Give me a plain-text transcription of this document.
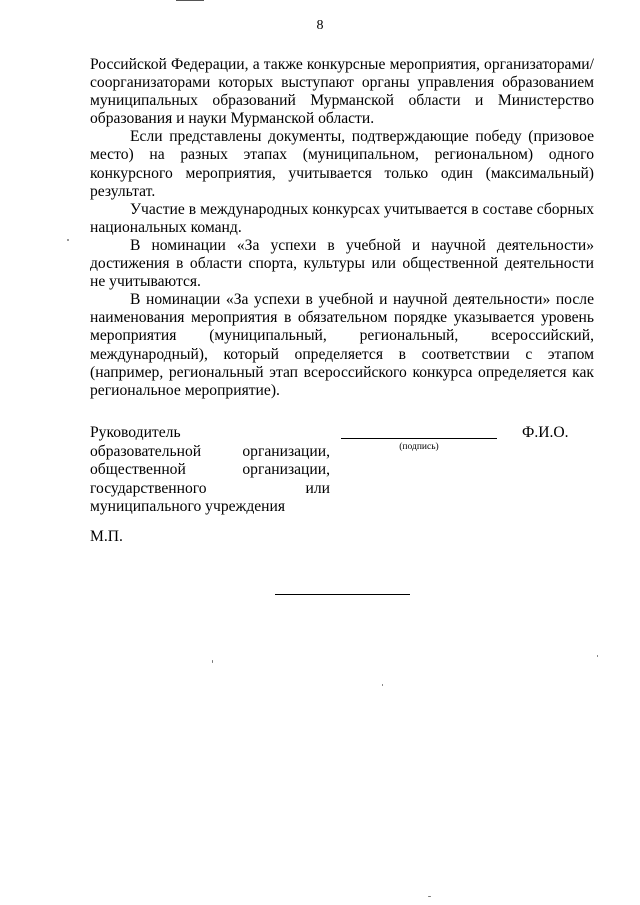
8

Российской Федерации, а также конкурсные мероприятия, организаторами/соорганизаторами которых выступают органы управления образованием муниципальных образований Мурманской области и Министерство образования и науки Мурманской области.

Если представлены документы, подтверждающие победу (призовое место) на разных этапах (муниципальном, региональном) одного конкурсного мероприятия, учитывается только один (максимальный) результат.

Участие в международных конкурсах учитывается в составе сборных национальных команд.

В номинации «За успехи в учебной и научной деятельности» достижения в области спорта, культуры или общественной деятельности не учитываются.

В номинации «За успехи в учебной и научной деятельности» после наименования мероприятия в обязательном порядке указывается уровень мероприятия (муниципальный, региональный, всероссийский, международный), который определяется в соответствии с этапом (например, региональный этап всероссийского конкурса определяется как региональное мероприятие).

Руководитель
образовательной организации,
общественной организации,
государственного или
муниципального учреждения
(подпись)
Ф.И.О.
М.П.
